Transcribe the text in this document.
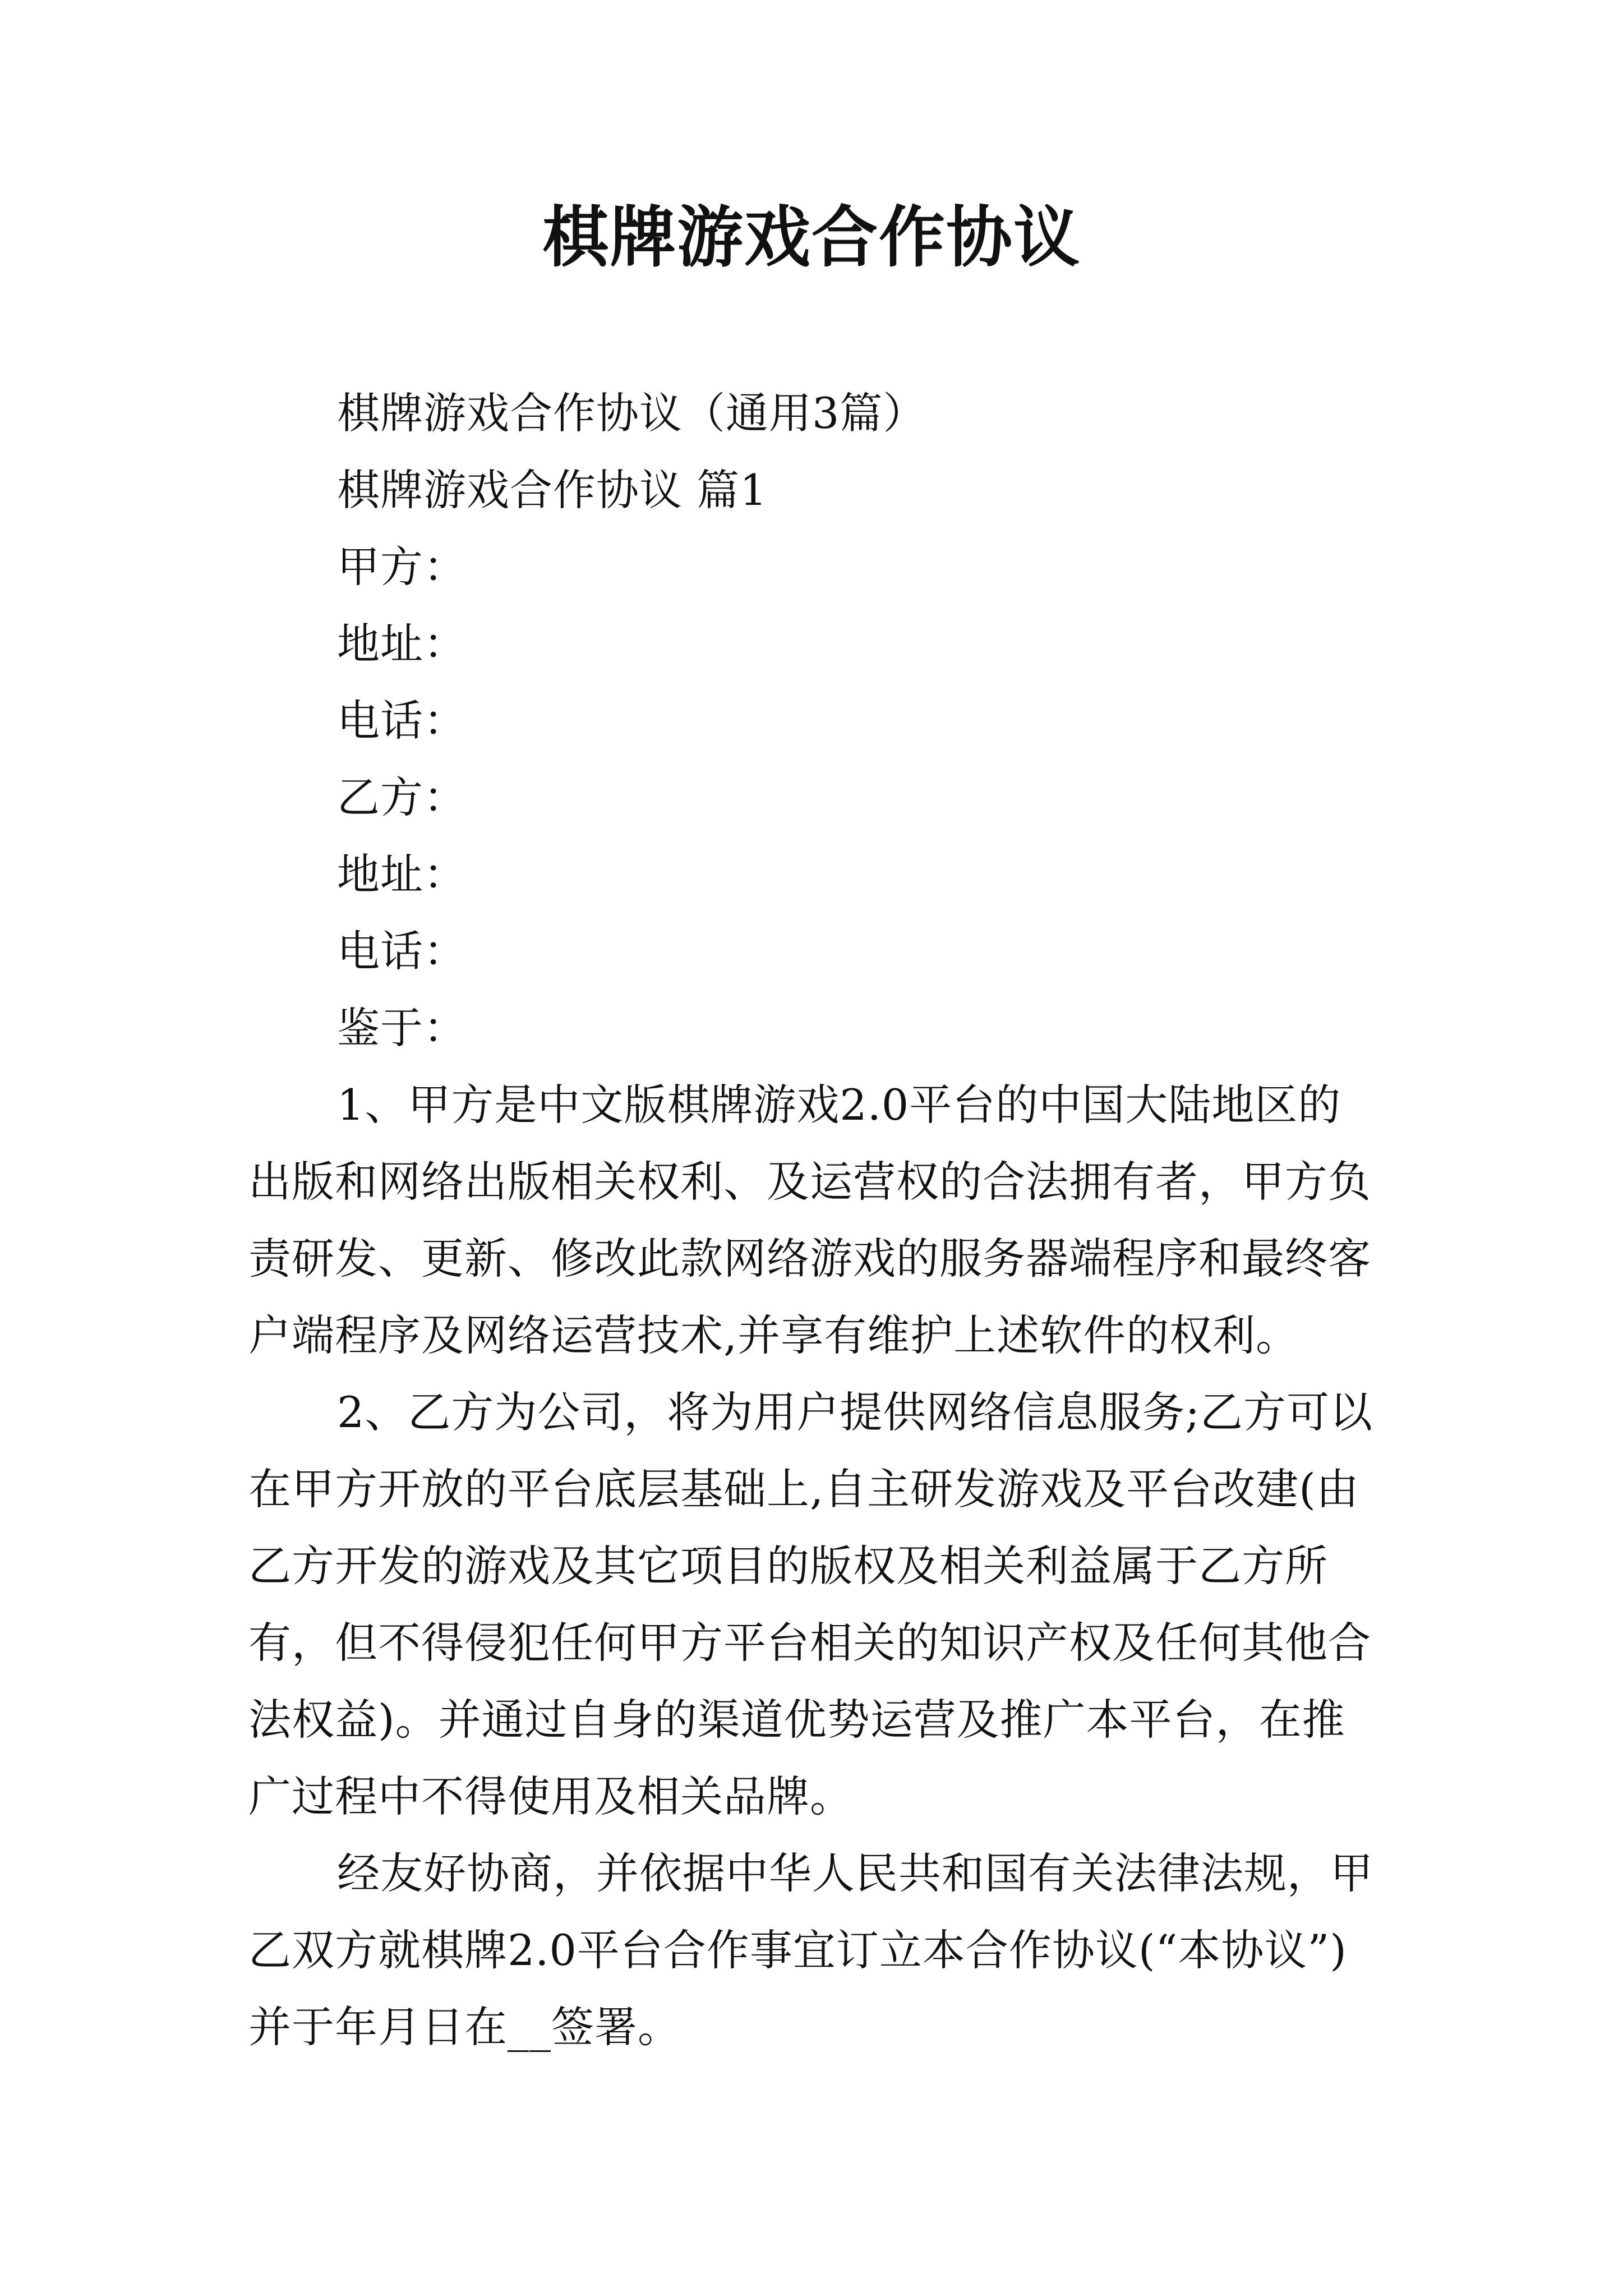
棋牌游戏合作协议
棋牌游戏合作协议（通用3篇）
棋牌游戏合作协议 篇1
甲方：
地址：
电话：
乙方：
地址：
电话：
鉴于：
1、甲方是中文版棋牌游戏2.0平台的中国大陆地区的
出版和网络出版相关权利、及运营权的合法拥有者，甲方负
责研发、更新、修改此款网络游戏的服务器端程序和最终客
户端程序及网络运营技术,并享有维护上述软件的权利。
2、乙方为公司，将为用户提供网络信息服务;乙方可以
在甲方开放的平台底层基础上,自主研发游戏及平台改建(由
乙方开发的游戏及其它项目的版权及相关利益属于乙方所
有，但不得侵犯任何甲方平台相关的知识产权及任何其他合
法权益)。并通过自身的渠道优势运营及推广本平台，在推
广过程中不得使用及相关品牌。
经友好协商，并依据中华人民共和国有关法律法规，甲
乙双方就棋牌2.0平台合作事宜订立本合作协议(“本协议”)
并于年月日在__签署。
